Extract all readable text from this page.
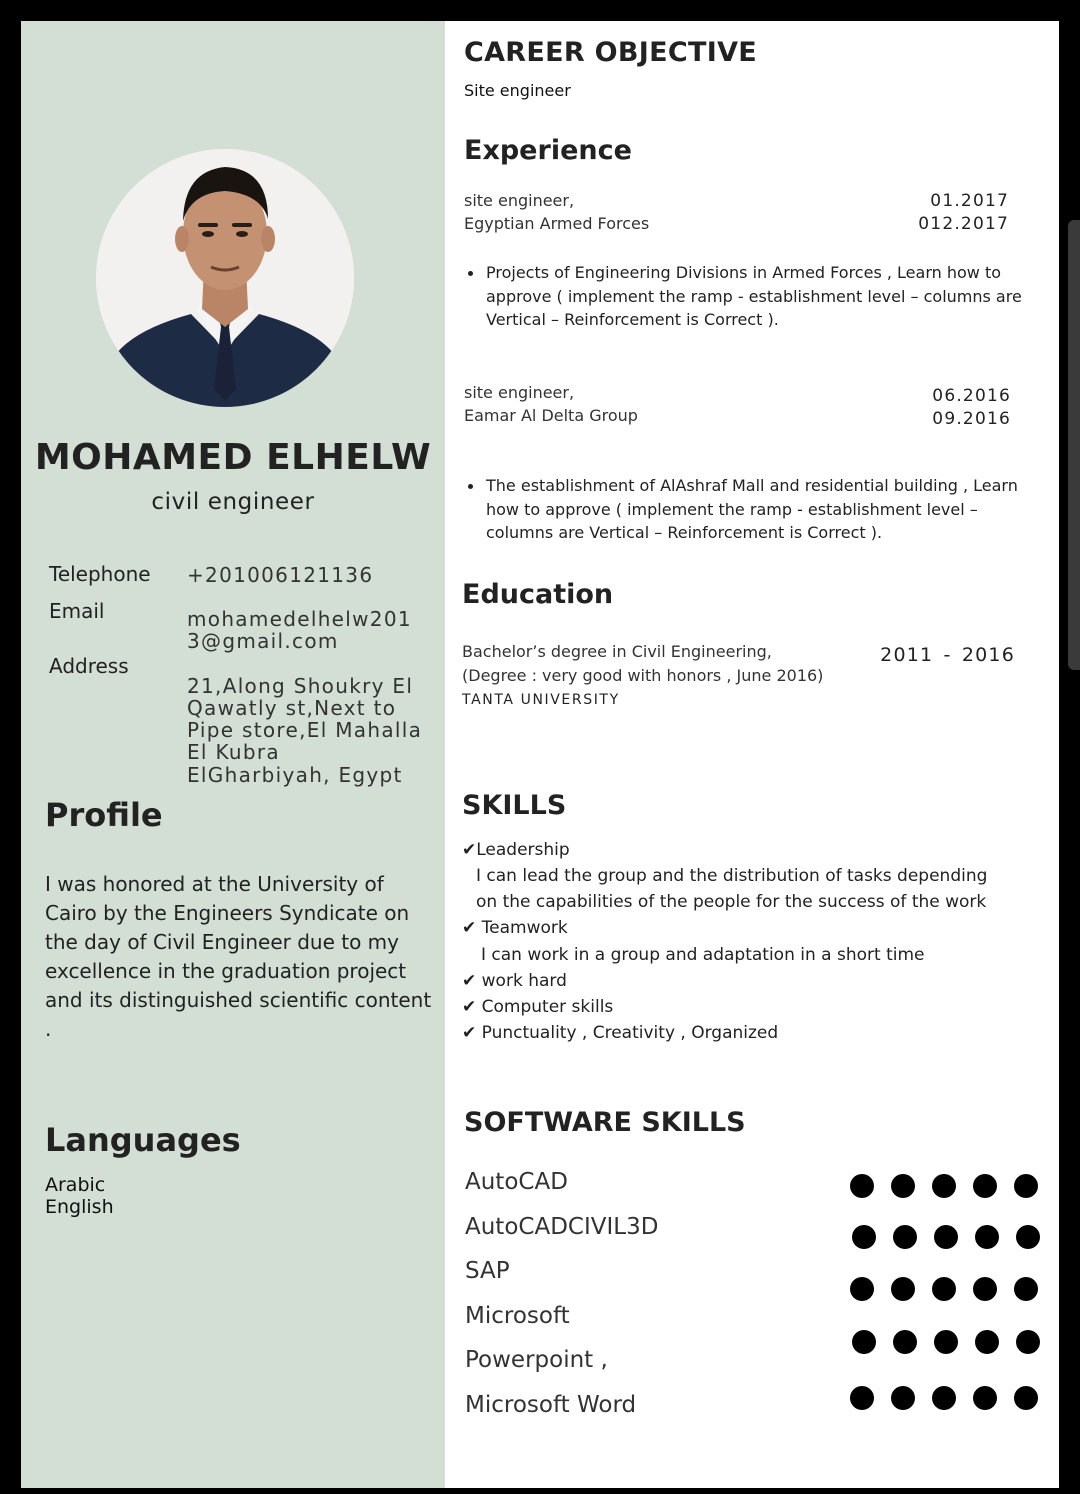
MOHAMED ELHELW

civil engineer

Telephone +201006121136

Email	mohamedelhelw201

3@gmail.com

Address

21,Along Shoukry El

Qawatly st,Next to

Pipe store,El Mahalla

El Kubra

ElGharbiyah, Egypt

Profile

I was honored at the University of Cairo by the Engineers Syndicate on the day of Civil Engineer due to my excellence in the graduation project and its distinguished scientific content .

Languages

Arabic

English

CAREER OBJECTIVE

Site engineer

Experience

site engineer,

Egyptian Armed Forces

01.2017

012.2017

Projects of Engineering Divisions in Armed Forces , Learn how to approve ( implement the ramp - establishment level – columns are Vertical – Reinforcement is Correct ).

site engineer,

Eamar Al Delta Group

06.2016

09.2016

The establishment of AlAshraf Mall and residential building , Learn how to approve ( implement the ramp - establishment level – columns are Vertical – Reinforcement is Correct ).

Education

Bachelor’s degree in Civil Engineering,

(Degree : very good with honors , June 2016)

TANTA UNIVERSITY

2011 - 2016

SKILLS

✔Leadership

I can lead the group and the distribution of tasks depending

on the capabilities of the people for the success of the work

✔ Teamwork

I can work in a group and adaptation in a short time

✔ work hard

✔ Computer skills

✔ Punctuality , Creativity , Organized

SOFTWARE SKILLS

AutoCAD

AutoCADCIVIL3D

SAP

Microsoft

Powerpoint ,

Microsoft Word
